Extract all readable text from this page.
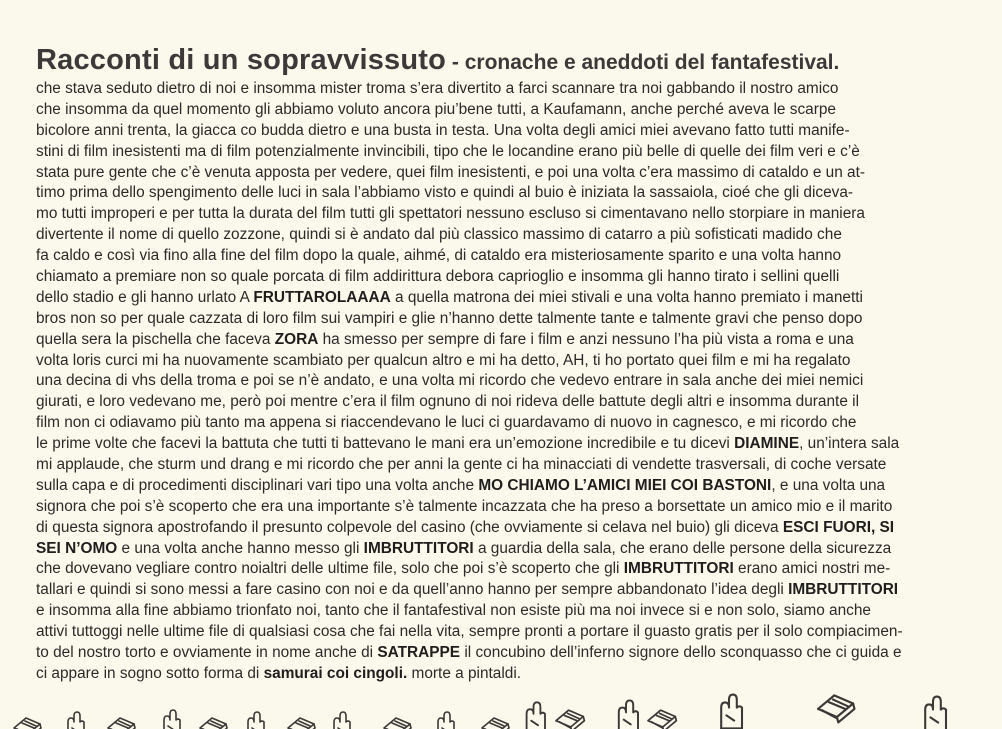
Racconti di un sopravvissuto - cronache e aneddoti del fantafestival.
che stava seduto dietro di noi e insomma mister troma s’era divertito a farci scannare tra noi gabbando il nostro amico
che insomma da quel momento gli abbiamo voluto ancora piu’bene tutti, a Kaufamann, anche perché aveva le scarpe
bicolore anni trenta, la giacca co budda dietro e una busta in testa. Una volta degli amici miei avevano fatto tutti manife-
stini di film inesistenti ma di film potenzialmente invincibili, tipo che le locandine erano più belle di quelle dei film veri e c’è
stata pure gente che c’è venuta apposta per vedere, quei film inesistenti, e poi una volta c’era massimo di cataldo e un at-
timo prima dello spengimento delle luci in sala l’abbiamo visto e quindi al buio è iniziata la sassaiola, cioé che gli diceva-
mo tutti improperi e per tutta la durata del film tutti gli spettatori nessuno escluso si cimentavano nello storpiare in maniera
divertente il nome di quello zozzone, quindi si è andato dal più classico massimo di catarro a più sofisticati madido che
fa caldo e così via fino alla fine del film dopo la quale, aihmé, di cataldo era misteriosamente sparito e una volta hanno
chiamato a premiare non so quale porcata di film addirittura debora caprioglio e insomma gli hanno tirato i sellini quelli
dello stadio e gli hanno urlato A FRUTTAROLAAAA a quella matrona dei miei stivali e una volta hanno premiato i manetti
bros non so per quale cazzata di loro film sui vampiri e glie n’hanno dette talmente tante e talmente gravi che penso dopo
quella sera la pischella che faceva ZORA ha smesso per sempre di fare i film e anzi nessuno l’ha più vista a roma e una
volta loris curci mi ha nuovamente scambiato per qualcun altro e mi ha detto, AH, ti ho portato quei film e mi ha regalato
una decina di vhs della troma e poi se n’è andato, e una volta mi ricordo che vedevo entrare in sala anche dei miei nemici
giurati, e loro vedevano me, però poi mentre c’era il film ognuno di noi rideva delle battute degli altri e insomma durante il
film non ci odiavamo più tanto ma appena si riaccendevano le luci ci guardavamo di nuovo in cagnesco, e mi ricordo che
le prime volte che facevi la battuta che tutti ti battevano le mani era un’emozione incredibile e tu dicevi DIAMINE, un’intera sala
mi applaude, che sturm und drang e mi ricordo che per anni la gente ci ha minacciati di vendette trasversali, di coche versate
sulla capa e di procedimenti disciplinari vari tipo una volta anche MO CHIAMO L’AMICI MIEI COI BASTONI, e una volta una
signora che poi s’è scoperto che era una importante s’è talmente incazzata che ha preso a borsettate un amico mio e il marito
di questa signora apostrofando il presunto colpevole del casino (che ovviamente si celava nel buio) gli diceva ESCI FUORI, SI
SEI N’OMO e una volta anche hanno messo gli IMBRUTTITORI a guardia della sala, che erano delle persone della sicurezza
che dovevano vegliare contro noialtri delle ultime file, solo che poi s’è scoperto che gli IMBRUTTITORI erano amici nostri me-
tallari e quindi si sono messi a fare casino con noi e da quell’anno hanno per sempre abbandonato l’idea degli IMBRUTTITORI
e insomma alla fine abbiamo trionfato noi, tanto che il fantafestival non esiste più ma noi invece si e non solo, siamo anche
attivi tuttoggi nelle ultime file di qualsiasi cosa che fai nella vita, sempre pronti a portare il guasto gratis per il solo compiacimen-
to del nostro torto e ovviamente in nome anche di SATRAPPE il concubino dell’inferno signore dello sconquasso che ci guida e
ci appare in sogno sotto forma di samurai coi cingoli. morte a pintaldi.
